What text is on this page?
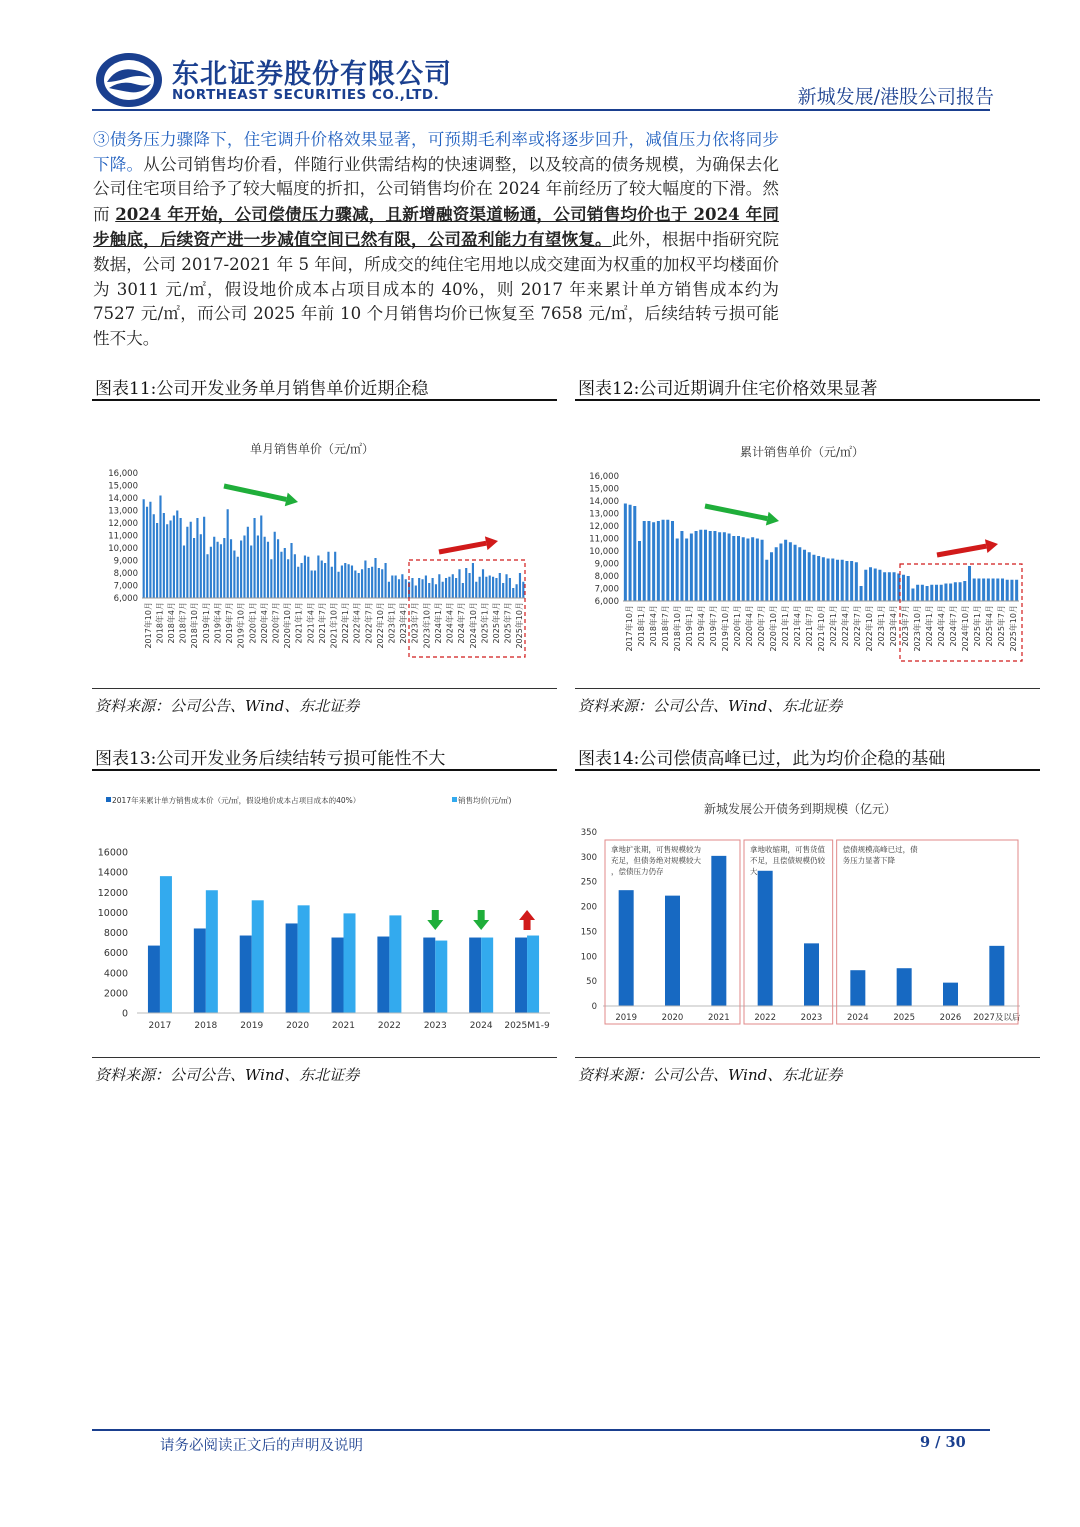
东北证券股份有限公司
NORTHEAST SECURITIES CO.,LTD.	新城发展/港股公司报告
③债务压力骤降下，住宅调升价格效果显著，可预期毛利率或将逐步回升，减值压力依将同步下降。从公司销售均价看，伴随行业供需结构的快速调整，以及较高的债务规模，为确保去化公司住宅项目给予了较大幅度的折扣，公司销售均价在 2024 年前经历了较大幅度的下滑。然而 2024 年开始，公司偿债压力骤减，且新增融资渠道畅通，公司销售均价也于 2024 年同步触底，后续资产进一步减值空间已然有限，公司盈利能力有望恢复。此外，根据中指研究院数据，公司 2017-2021 年 5 年间，所成交的纯住宅用地以成交建面为权重的加权平均楼面价为 3011 元/㎡，假设地价成本占项目成本的 40%，则 2017 年来累计单方销售成本约为 7527 元/㎡，而公司 2025 年前 10 个月销售均价已恢复至 7658 元/㎡，后续结转亏损可能性不大。
图表11:公司开发业务单月销售单价近期企稳
单月销售单价（元/㎡）
6,000
7,000
8,000
9,000
10,000
11,000
12,000
13,000
14,000
15,000
16,000
2017年10月 2018年1月 2018年4月 2018年7月 2018年10月 2019年1月 2019年4月 2019年7月 2019年10月 2020年1月 2020年4月 2020年7月 2020年10月 2021年1月 2021年4月 2021年7月 2021年10月 2022年1月 2022年4月 2022年7月 2022年10月 2023年1月 2023年4月 2023年7月 2023年10月 2024年1月 2024年4月 2024年7月 2024年10月 2025年1月 2025年4月 2025年7月 2025年10月
资料来源：公司公告、Wind、东北证券
图表12:公司近期调升住宅价格效果显著
累计销售单价（元/㎡）
6,000
7,000
8,000
9,000
10,000
11,000
12,000
13,000
14,000
15,000
16,000
2017年10月 2018年1月 2018年4月 2018年7月 2018年10月 2019年1月 2019年4月 2019年7月 2019年10月 2020年1月 2020年4月 2020年7月 2020年10月 2021年1月 2021年4月 2021年7月 2021年10月 2022年1月 2022年4月 2022年7月 2022年10月 2023年1月 2023年4月 2023年7月 2023年10月 2024年1月 2024年4月 2024年7月 2024年10月 2025年1月 2025年4月 2025年7月 2025年10月
资料来源：公司公告、Wind、东北证券
图表13:公司开发业务后续结转亏损可能性不大
2017年来累计单方销售成本价（元/㎡，假设地价成本占项目成本的40%）	销售均价(元/㎡)
0
2000
4000
6000
8000
10000
12000
14000
16000
2017	2018	2019	2020	2021	2022	2023	2024 2025M1-9
资料来源：公司公告、Wind、东北证券
图表14:公司偿债高峰已过，此为均价企稳的基础
新城发展公开债务到期规模（亿元）
0
50
100
150
200
250
300
350
2019	2020	2021	2022	2023	2024	2025	2026 2027及以后
拿地扩张期，可售规模较为
充足，但债务绝对规模较大
，偿债压力仍存
拿地收缩期，可售货值
不足，且偿债规模仍较
大
偿债规模高峰已过，债
务压力显著下降
资料来源：公司公告、Wind、东北证券
请务必阅读正文后的声明及说明	9 / 30
